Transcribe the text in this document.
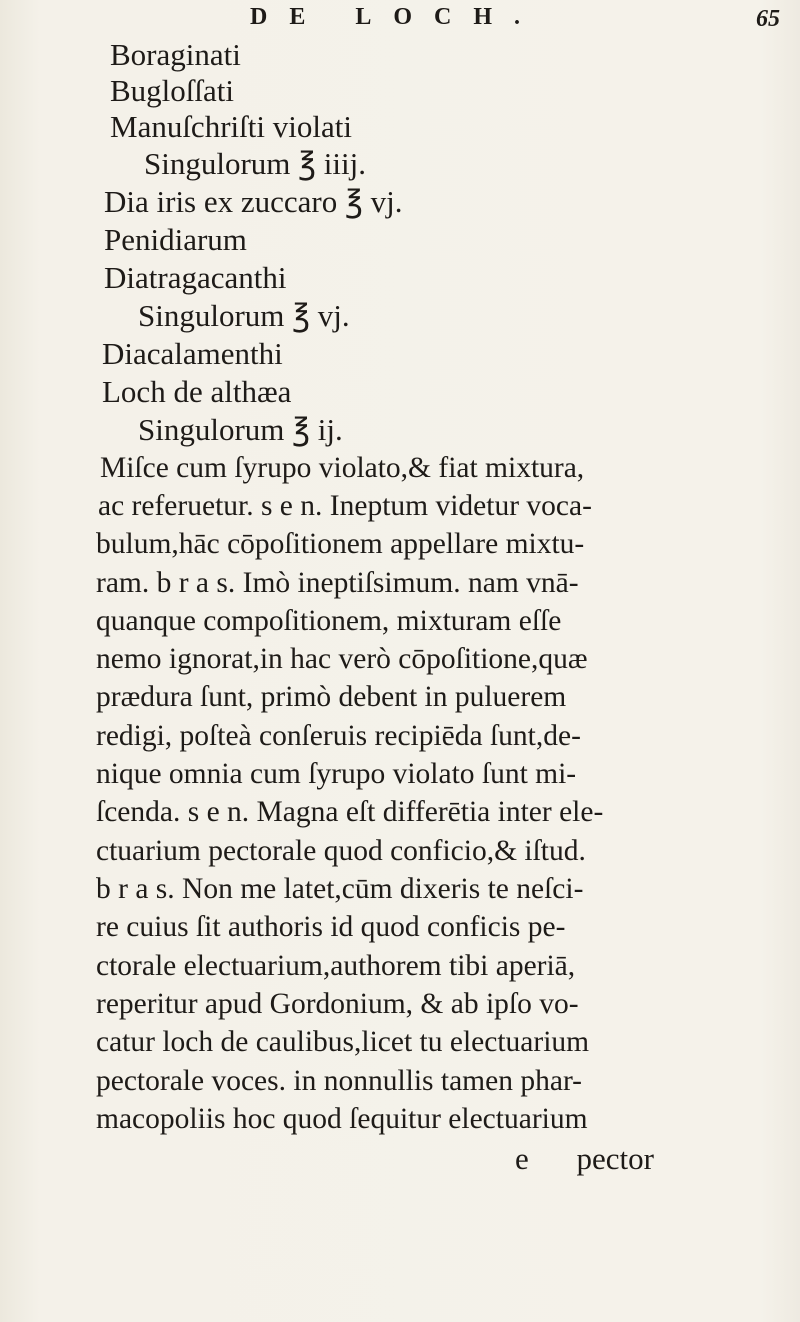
DE LOCH.	65
Boraginati
Bugloſſati
Manuſchriſti violati
Singulorum ℥ iiij.
Dia iris ex zuccaro ℥ vj.
Penidiarum
Diatragacanthi
Singulorum ℥ vj.
Diacalamenthi
Loch de althæa
Singulorum ℥ ij.
Miſce cum ſyrupo violato,& fiat mixtura,
ac referuetur. s e n. Ineptum videtur voca-
bulum,hāc cōpoſitionem appellare mixtu-
ram. b r a s. Imò ineptiſsimum. nam vnā-
quanque compoſitionem, mixturam eſſe
nemo ignorat,in hac verò cōpoſitione,quæ
prædura ſunt, primò debent in puluerem
redigi, poſteà conſeruis recipiēda ſunt,de-
nique omnia cum ſyrupo violato ſunt mi-
ſcenda. s e n. Magna eſt differētia inter ele-
ctuarium pectorale quod conficio,& iſtud.
b r a s. Non me latet,cūm dixeris te neſci-
re cuius ſit authoris id quod conficis pe-
ctorale electuarium,authorem tibi aperiā,
reperitur apud Gordonium, & ab ipſo vo-
catur loch de caulibus,licet tu electuarium
pectorale voces. in nonnullis tamen phar-
macopoliis hoc quod ſequitur electuarium
e pector
